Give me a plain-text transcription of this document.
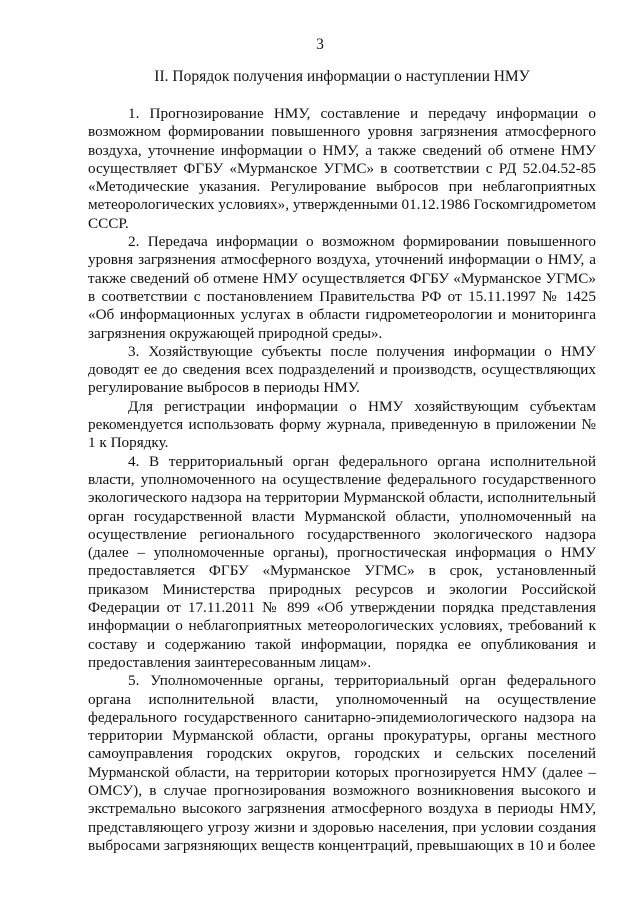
3
II. Порядок получения информации о наступлении НМУ

1. Прогнозирование НМУ, составление и передачу информации о возможном формировании повышенного уровня загрязнения атмосферного воздуха, уточнение информации о НМУ, а также сведений об отмене НМУ осуществляет ФГБУ «Мурманское УГМС» в соответствии с РД 52.04.52-85 «Методические указания. Регулирование выбросов при неблагоприятных метеорологических условиях», утвержденными 01.12.1986 Госкомгидрометом СССР.

2. Передача информации о возможном формировании повышенного уровня загрязнения атмосферного воздуха, уточнений информации о НМУ, а также сведений об отмене НМУ осуществляется ФГБУ «Мурманское УГМС» в соответствии с постановлением Правительства РФ от 15.11.1997 № 1425 «Об информационных услугах в области гидрометеорологии и мониторинга загрязнения окружающей природной среды».

3. Хозяйствующие субъекты после получения информации о НМУ доводят ее до сведения всех подразделений и производств, осуществляющих регулирование выбросов в периоды НМУ.

Для регистрации информации о НМУ хозяйствующим субъектам рекомендуется использовать форму журнала, приведенную в приложении № 1 к Порядку.

4. В территориальный орган федерального органа исполнительной власти, уполномоченного на осуществление федерального государственного экологического надзора на территории Мурманской области, исполнительный орган государственной власти Мурманской области, уполномоченный на осуществление регионального государственного экологического надзора (далее – уполномоченные органы), прогностическая информация о НМУ предоставляется ФГБУ «Мурманское УГМС» в срок, установленный приказом Министерства природных ресурсов и экологии Российской Федерации от 17.11.2011 № 899 «Об утверждении порядка представления информации о неблагоприятных метеорологических условиях, требований к составу и содержанию такой информации, порядка ее опубликования и предоставления заинтересованным лицам».

5. Уполномоченные органы, территориальный орган федерального органа исполнительной власти, уполномоченный на осуществление федерального государственного санитарно-эпидемиологического надзора на территории Мурманской области, органы прокуратуры, органы местного самоуправления городских округов, городских и сельских поселений Мурманской области, на территории которых прогнозируется НМУ (далее – ОМСУ), в случае прогнозирования возможного возникновения высокого и экстремально высокого загрязнения атмосферного воздуха в периоды НМУ, представляющего угрозу жизни и здоровью населения, при условии создания выбросами загрязняющих веществ концентраций, превышающих в 10 и более
